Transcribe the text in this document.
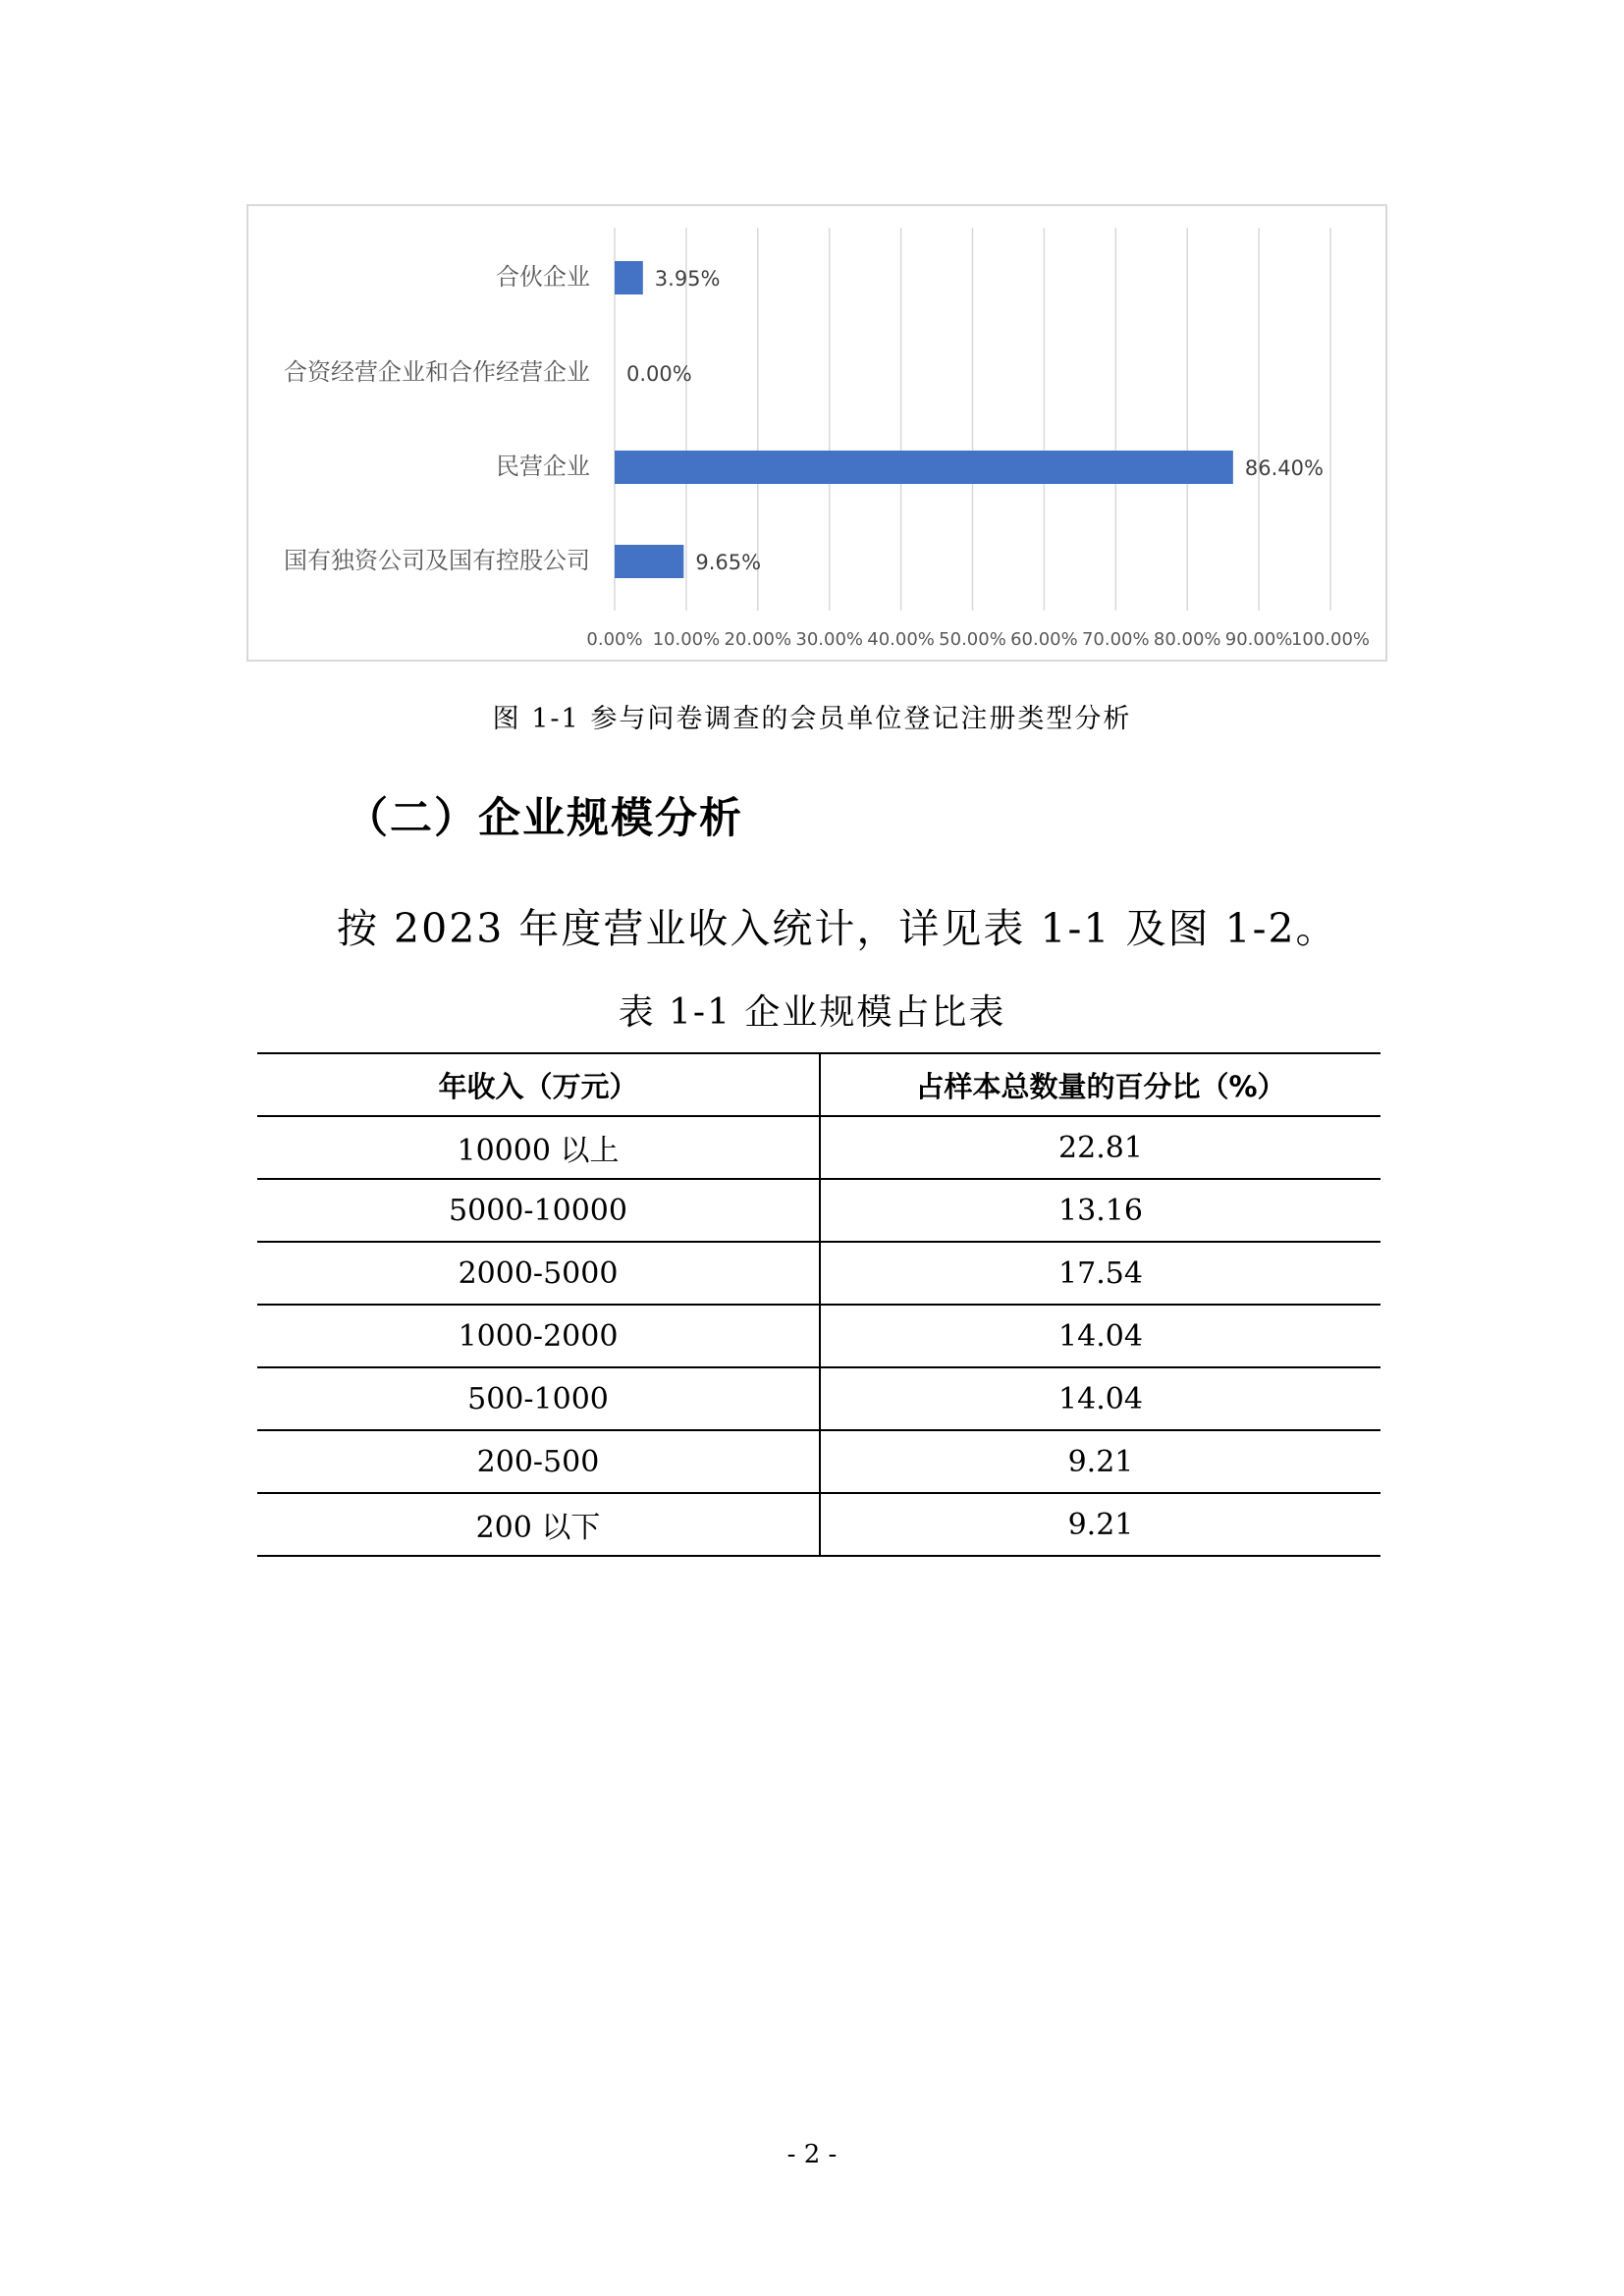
0.00% 10.00% 20.00% 30.00% 40.00% 50.00% 60.00% 70.00% 80.00% 90.00%
100.00%
合伙企业	3.95%
合资经营企业和合作经营企业 0.00%
民营企业	86.40%
国有独资公司及国有控股公司	9.65%
图 1-1 参与问卷调查的会员单位登记注册类型分析
（二）企业规模分析
按 2023 年度营业收入统计，详见表 1-1 及图 1-2。
表 1-1 企业规模占比表
年收入（万元）	占样本总数量的百分比（%）
10000 以上	22.81
5000-10000	13.16
2000-5000	17.54
1000-2000	14.04
500-1000	14.04
200-500	9.21
200 以下	9.21
- 2 -
